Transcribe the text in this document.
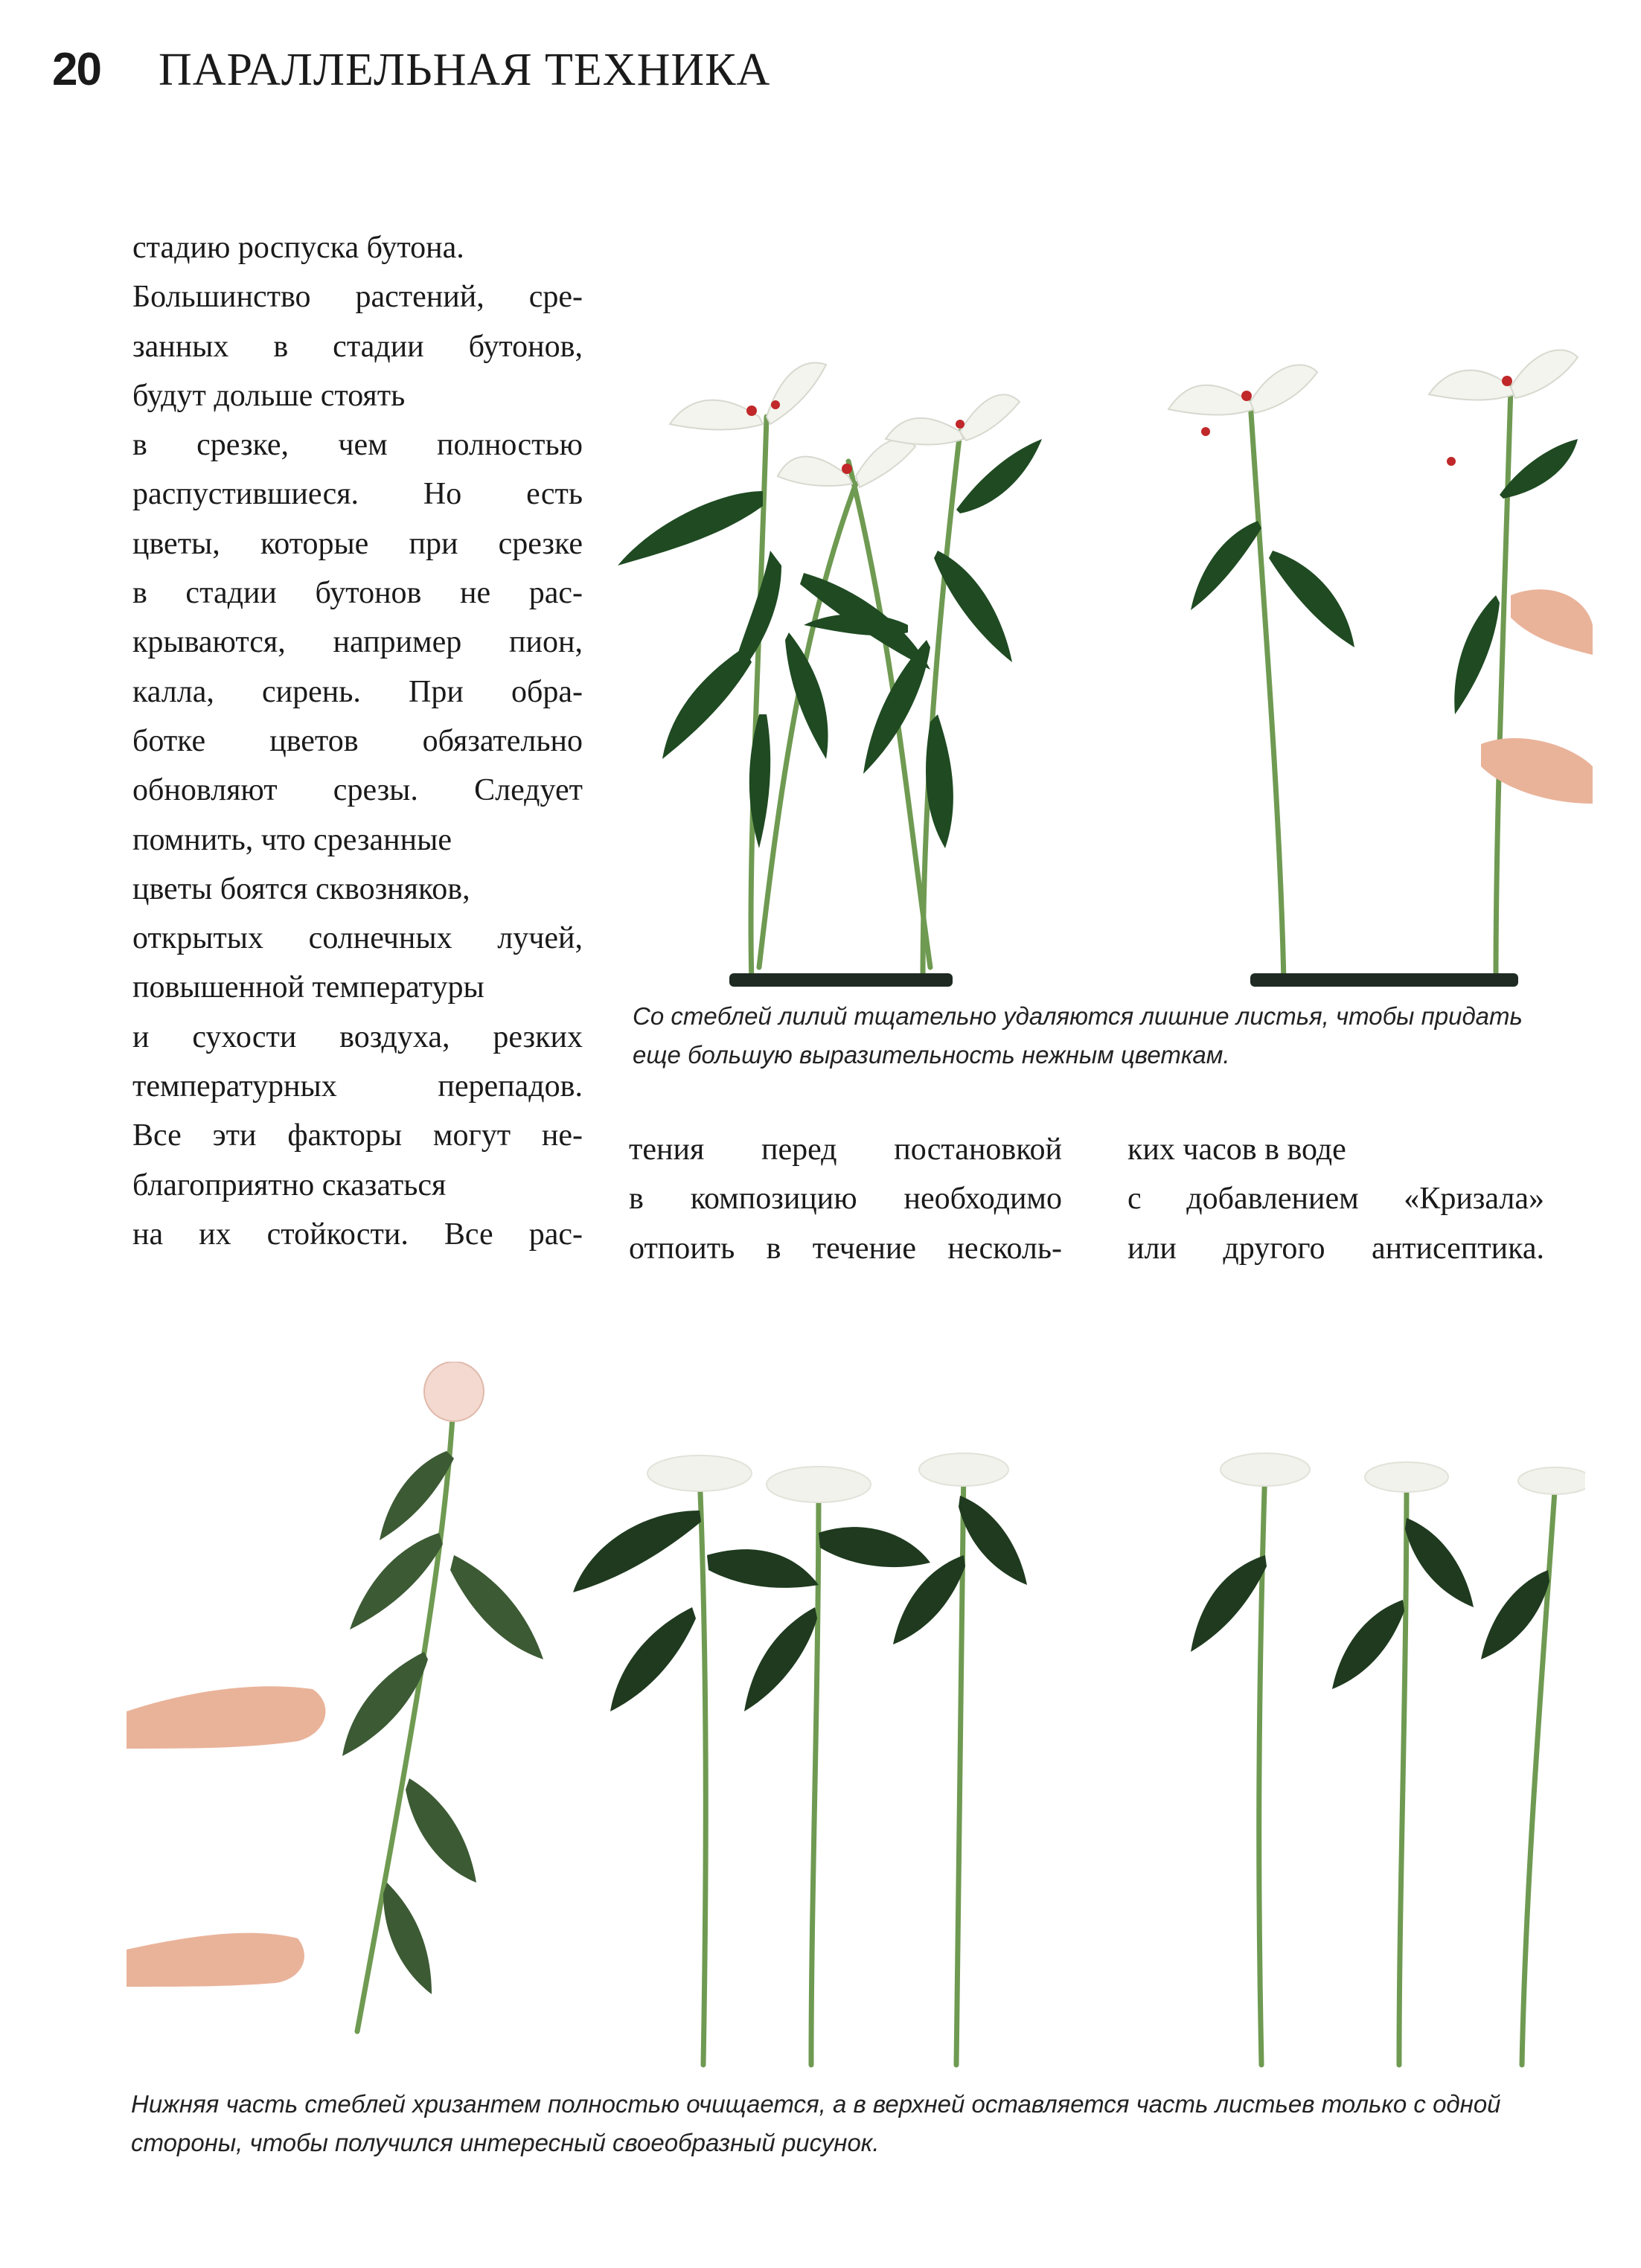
20 ПАРАЛЛЕЛЬНАЯ ТЕХНИКА
стадию роспуска бутона.
Большинство растений, сре-
занных в стадии бутонов,
будут дольше стоять
в срезке, чем полностью
распустившиеся. Но есть
цветы, которые при срезке
в стадии бутонов не рас-
крываются, например пион,
калла, сирень. При обра-
ботке цветов обязательно
обновляют срезы. Следует
помнить, что срезанные
цветы боятся сквозняков,
открытых солнечных лучей,
повышенной температуры
и сухости воздуха, резких
температурных перепадов.
Все эти факторы могут не-
благоприятно сказаться
на их стойкости. Все рас-
Со стеблей лилий тщательно удаляются лишние листья, чтобы придать
еще большую выразительность нежным цветкам.
тения перед постановкой
в композицию необходимо
отпоить в течение несколь-
ких часов в воде
с добавлением «Кризала»
или другого антисептика.
Нижняя часть стеблей хризантем полностью очищается, а в верхней оставляется часть листьев только с одной
стороны, чтобы получился интересный своеобразный рисунок.
